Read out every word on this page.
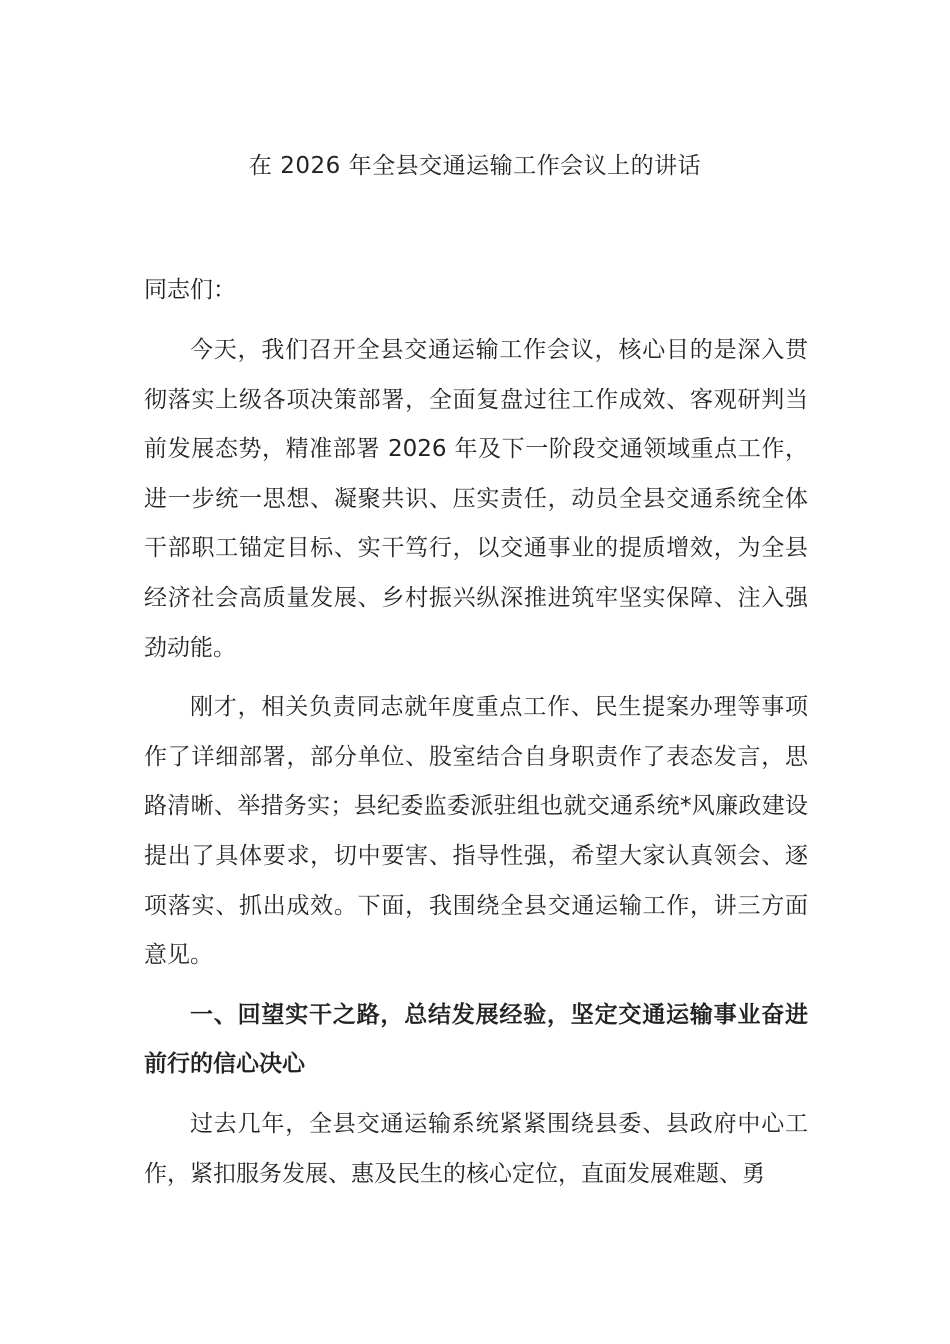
在 2026 年全县交通运输工作会议上的讲话

同志们：

今天，我们召开全县交通运输工作会议，核心目的是深入贯彻落实上级各项决策部署，全面复盘过往工作成效、客观研判当前发展态势，精准部署 2026 年及下一阶段交通领域重点工作，进一步统一思想、凝聚共识、压实责任，动员全县交通系统全体干部职工锚定目标、实干笃行，以交通事业的提质增效，为全县经济社会高质量发展、乡村振兴纵深推进筑牢坚实保障、注入强劲动能。

刚才，相关负责同志就年度重点工作、民生提案办理等事项作了详细部署，部分单位、股室结合自身职责作了表态发言，思路清晰、举措务实；县纪委监委派驻组也就交通系统*风廉政建设提出了具体要求，切中要害、指导性强，希望大家认真领会、逐项落实、抓出成效。下面，我围绕全县交通运输工作，讲三方面意见。

一、回望实干之路，总结发展经验，坚定交通运输事业奋进前行的信心决心

过去几年，全县交通运输系统紧紧围绕县委、县政府中心工作，紧扣服务发展、惠及民生的核心定位，直面发展难题、勇
